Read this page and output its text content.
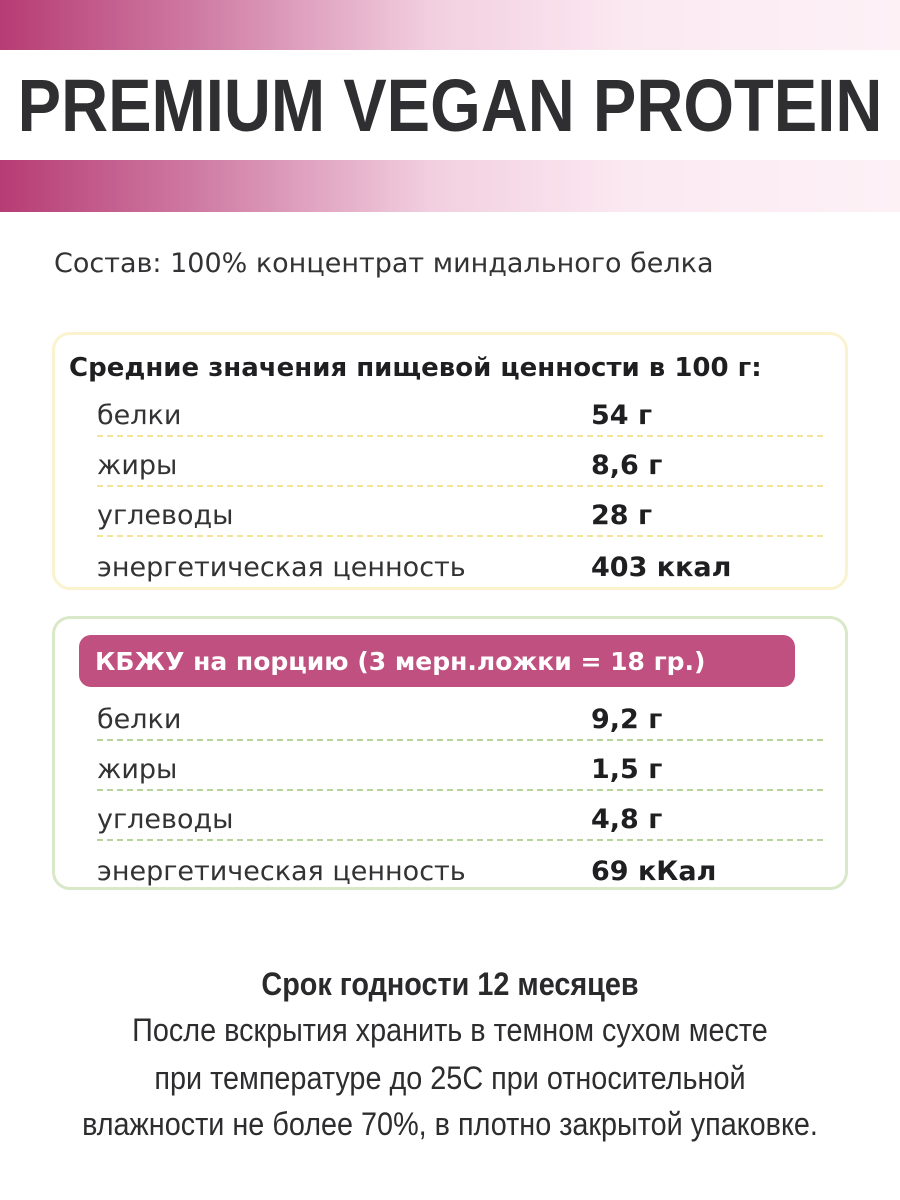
PREMIUM VEGAN PROTEIN
Состав: 100% концентрат миндального белка
Средние значения пищевой ценности в 100 г:
белки	54 г
жиры	8,6 г
углеводы	28 г
энергетическая ценность	403 ккал
КБЖУ на порцию (3 мерн.ложки = 18 гр.)
белки	9,2 г
жиры	1,5 г
углеводы	4,8 г
энергетическая ценность	69 кКал
Срок годности 12 месяцев
После вскрытия хранить в темном сухом месте
при температуре до 25С при относительной
влажности не более 70%, в плотно закрытой упаковке.
